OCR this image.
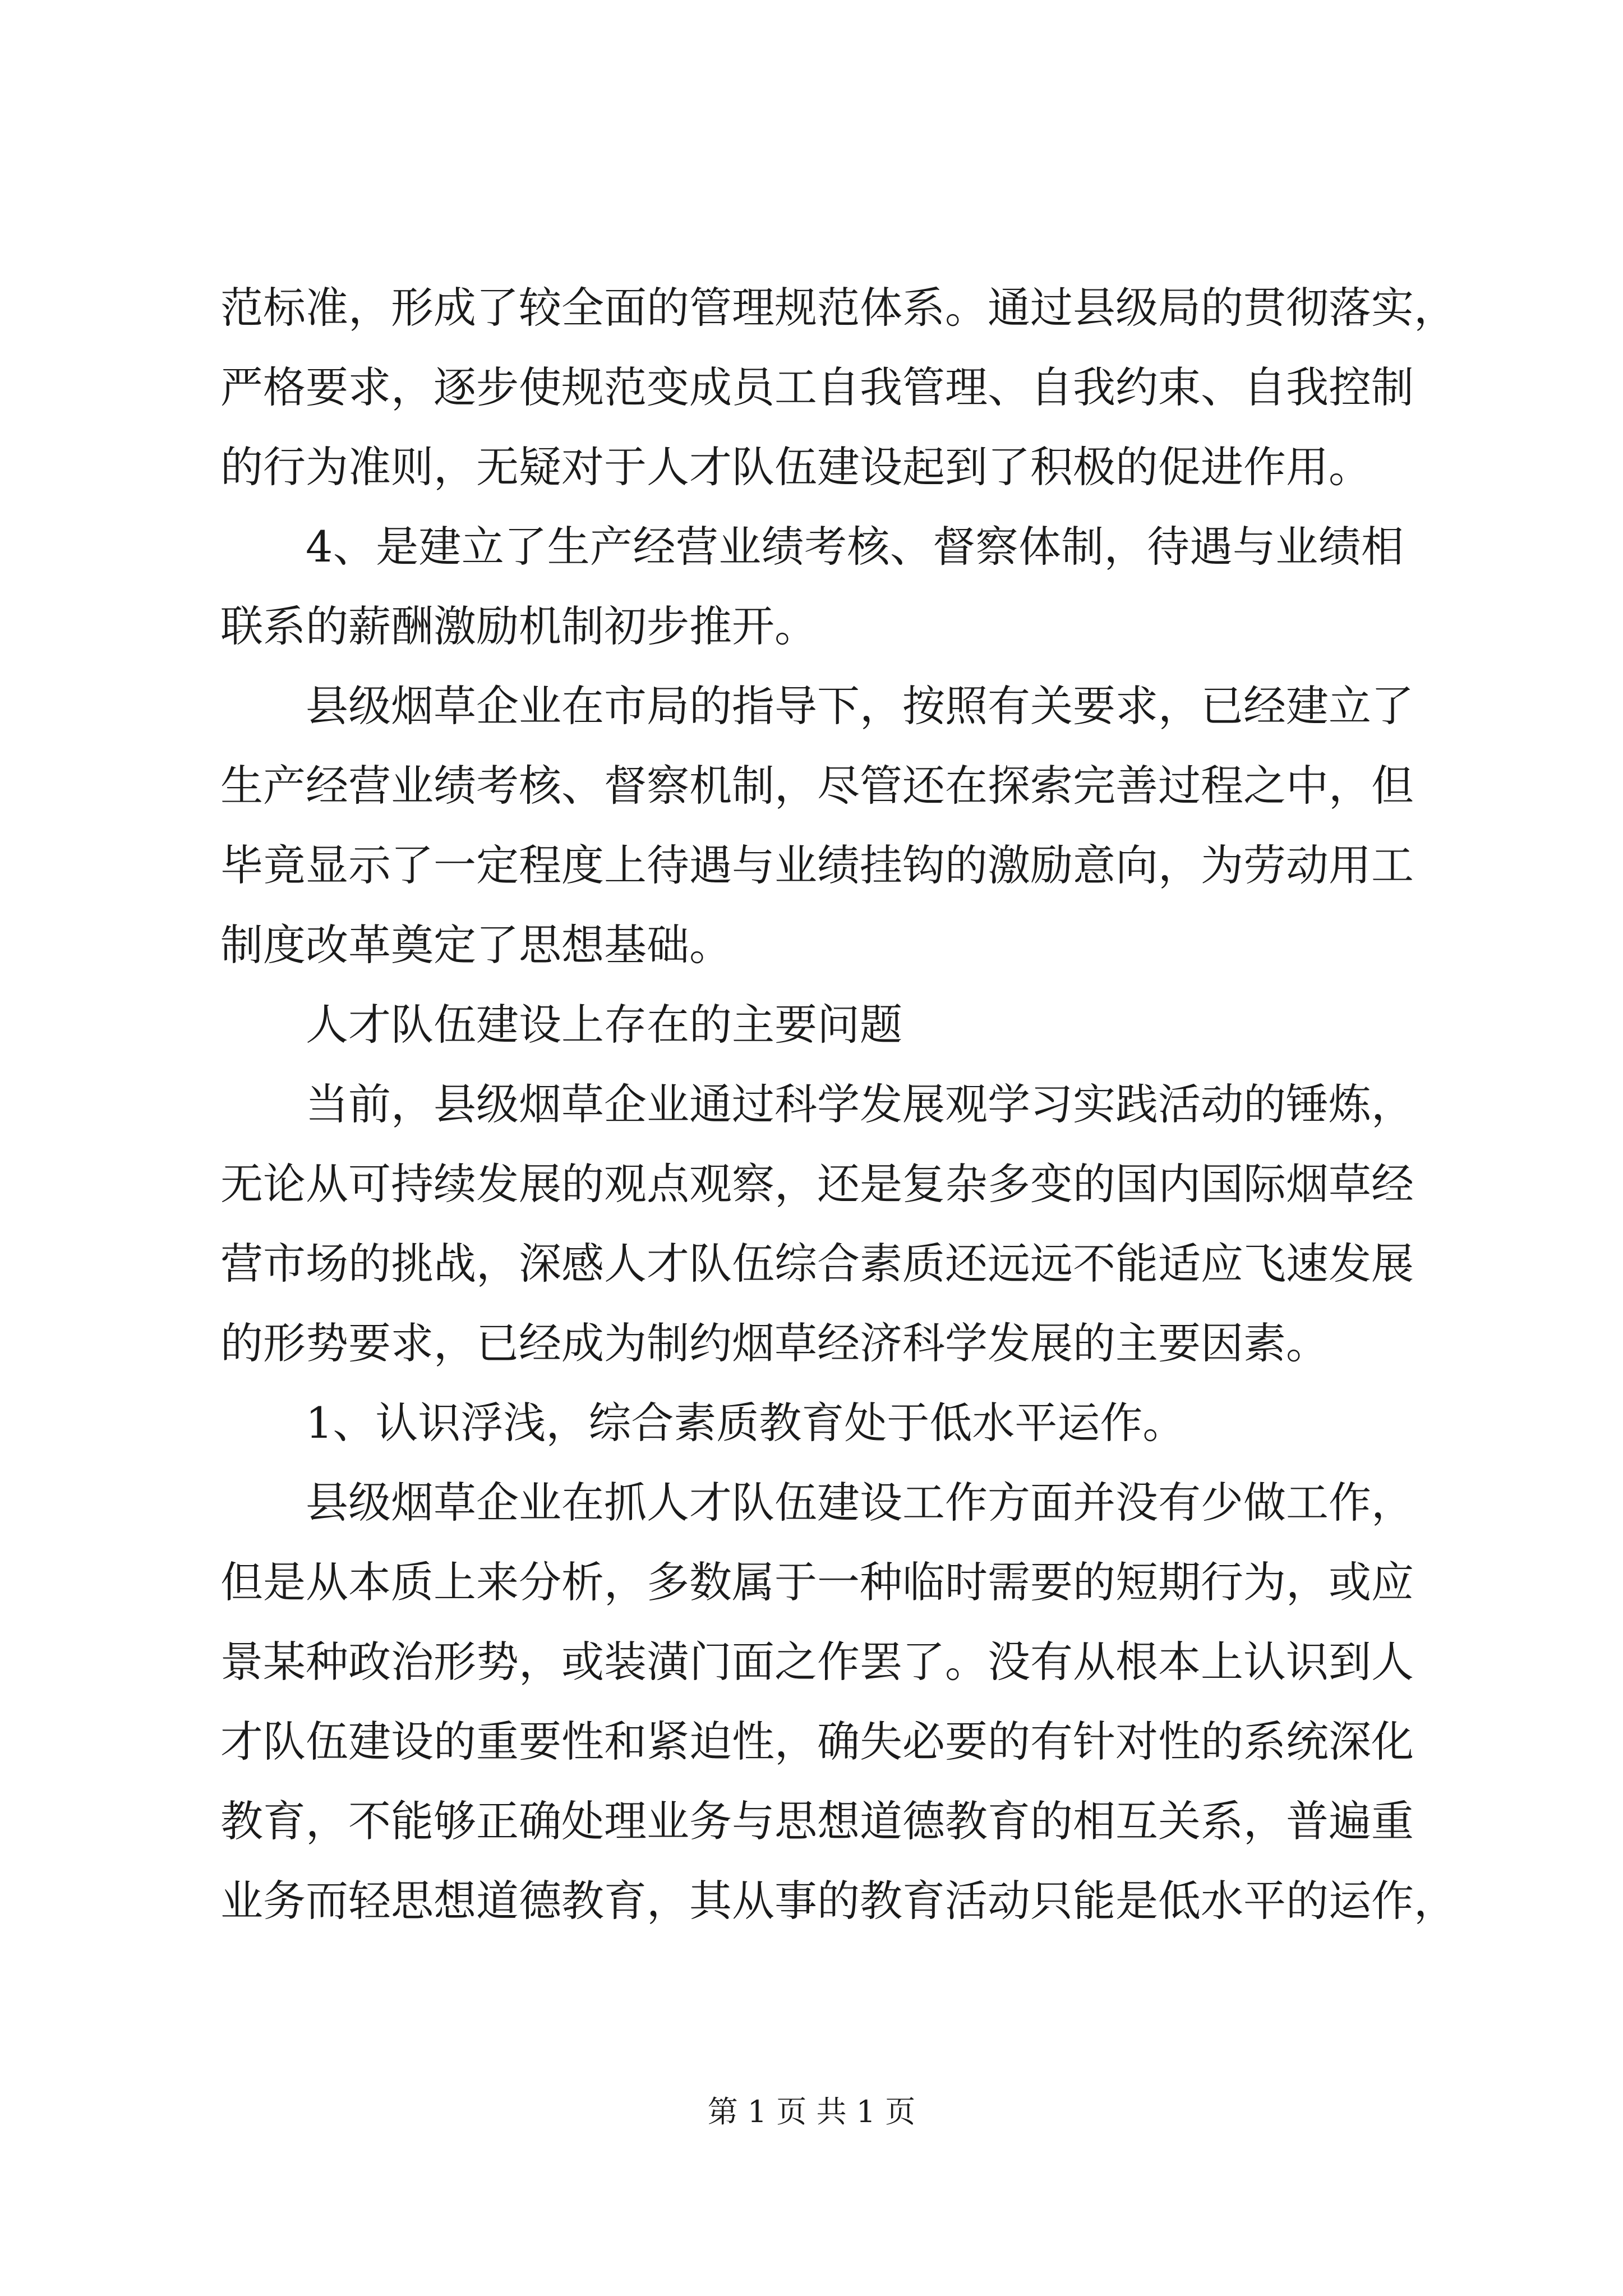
范标准，形成了较全面的管理规范体系。通过县级局的贯彻落实，
严格要求，逐步使规范变成员工自我管理、自我约束、自我控制
的行为准则，无疑对于人才队伍建设起到了积极的促进作用。
4、是建立了生产经营业绩考核、督察体制，待遇与业绩相
联系的薪酬激励机制初步推开。
县级烟草企业在市局的指导下，按照有关要求，已经建立了
生产经营业绩考核、督察机制，尽管还在探索完善过程之中，但
毕竟显示了一定程度上待遇与业绩挂钩的激励意向，为劳动用工
制度改革奠定了思想基础。
人才队伍建设上存在的主要问题
当前，县级烟草企业通过科学发展观学习实践活动的锤炼，
无论从可持续发展的观点观察，还是复杂多变的国内国际烟草经
营市场的挑战，深感人才队伍综合素质还远远不能适应飞速发展
的形势要求，已经成为制约烟草经济科学发展的主要因素。
1、认识浮浅，综合素质教育处于低水平运作。
县级烟草企业在抓人才队伍建设工作方面并没有少做工作，
但是从本质上来分析，多数属于一种临时需要的短期行为，或应
景某种政治形势，或装潢门面之作罢了。没有从根本上认识到人
才队伍建设的重要性和紧迫性，确失必要的有针对性的系统深化
教育，不能够正确处理业务与思想道德教育的相互关系，普遍重
业务而轻思想道德教育，其从事的教育活动只能是低水平的运作，
第 1 页 共 1 页
